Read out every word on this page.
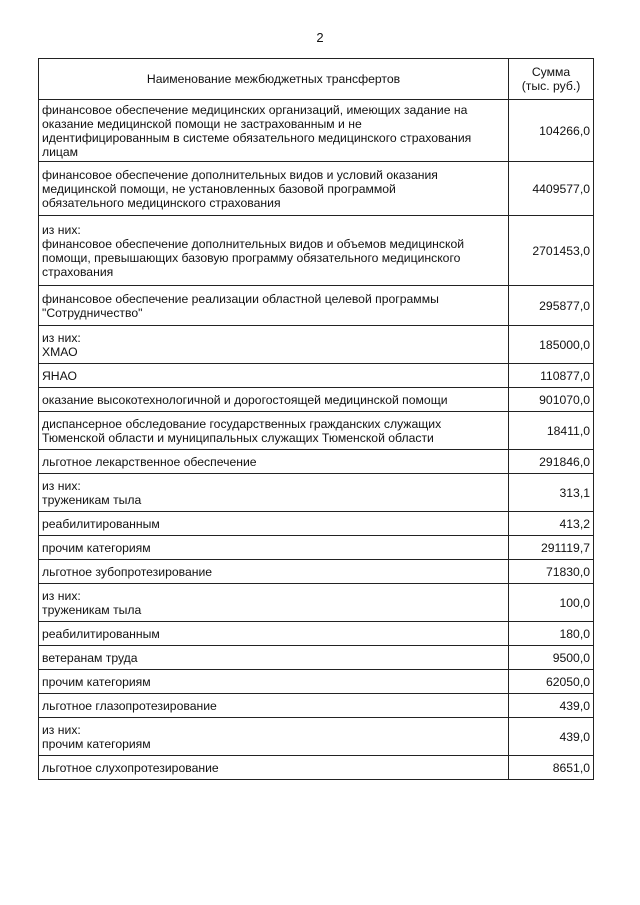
2
Наименование межбюджетных трансфертов	Сумма
(тыс. руб.)

финансовое обеспечение медицинских организаций, имеющих задание на
оказание медицинской помощи не застрахованным и не
идентифицированным в системе обязательного медицинского страхования
лицам	104266,0

финансовое обеспечение дополнительных видов и условий оказания
медицинской помощи, не установленных базовой программой
обязательного медицинского страхования	4409577,0

из них:
финансовое обеспечение дополнительных видов и объемов медицинской
помощи, превышающих базовую программу обязательного медицинского
страхования	2701453,0

финансовое обеспечение реализации областной целевой программы
"Сотрудничество"	295877,0

из них:
ХМАО	185000,0

ЯНАО	110877,0

оказание высокотехнологичной и дорогостоящей медицинской помощи	901070,0

диспансерное обследование государственных гражданских служащих
Тюменской области и муниципальных служащих Тюменской области	18411,0

льготное лекарственное обеспечение	291846,0

из них:
труженикам тыла	313,1

реабилитированным	413,2

прочим категориям	291119,7

льготное зубопротезирование	71830,0

из них:
труженикам тыла	100,0

реабилитированным	180,0

ветеранам труда	9500,0

прочим категориям	62050,0

льготное глазопротезирование	439,0

из них:
прочим категориям	439,0

льготное слухопротезирование	8651,0
